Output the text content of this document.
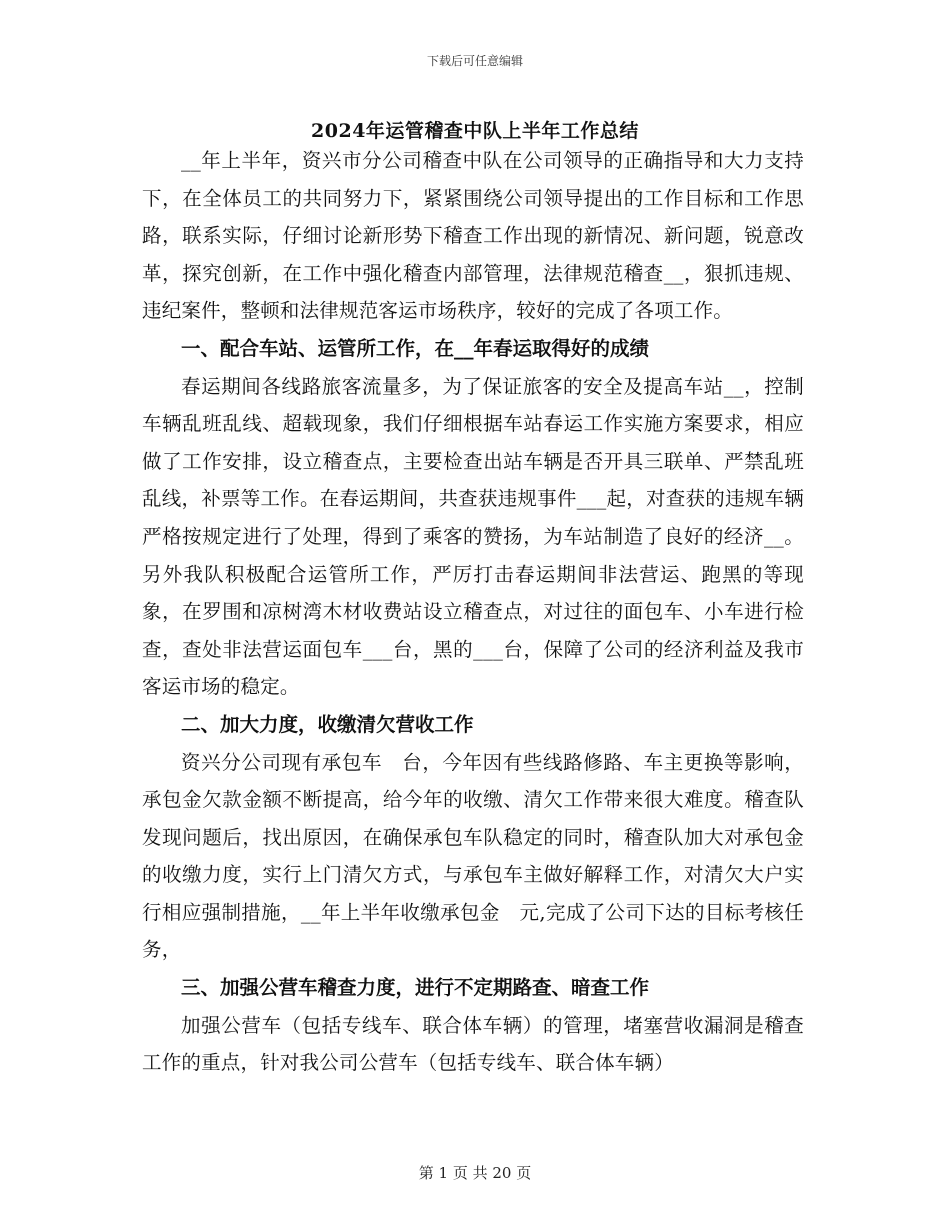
下载后可任意编辑
2024年运管稽查中队上半年工作总结

__年上半年，资兴市分公司稽查中队在公司领导的正确指导和大力支持下，在全体员工的共同努力下，紧紧围绕公司领导提出的工作目标和工作思路，联系实际，仔细讨论新形势下稽查工作出现的新情况、新问题，锐意改革，探究创新，在工作中强化稽查内部管理，法律规范稽查__，狠抓违规、违纪案件，整顿和法律规范客运市场秩序，较好的完成了各项工作。

一、配合车站、运管所工作，在__年春运取得好的成绩

春运期间各线路旅客流量多，为了保证旅客的安全及提高车站__，控制车辆乱班乱线、超载现象，我们仔细根据车站春运工作实施方案要求，相应做了工作安排，设立稽查点，主要检查出站车辆是否开具三联单、严禁乱班乱线，补票等工作。在春运期间，共查获违规事件___起，对查获的违规车辆严格按规定进行了处理，得到了乘客的赞扬，为车站制造了良好的经济__。另外我队积极配合运管所工作，严厉打击春运期间非法营运、跑黑的等现象，在罗围和凉树湾木材收费站设立稽查点，对过往的面包车、小车进行检查，查处非法营运面包车___台，黑的___台，保障了公司的经济利益及我市客运市场的稳定。

二、加大力度，收缴清欠营收工作

资兴分公司现有承包车　台，今年因有些线路修路、车主更换等影响，承包金欠款金额不断提高，给今年的收缴、清欠工作带来很大难度。稽查队发现问题后，找出原因，在确保承包车队稳定的同时，稽查队加大对承包金的收缴力度，实行上门清欠方式，与承包车主做好解释工作，对清欠大户实行相应强制措施，__年上半年收缴承包金　元,完成了公司下达的目标考核任务，

三、加强公营车稽查力度，进行不定期路查、暗查工作

加强公营车（包括专线车、联合体车辆）的管理，堵塞营收漏洞是稽查工作的重点，针对我公司公营车（包括专线车、联合体车辆）

第 1 页 共 20 页
